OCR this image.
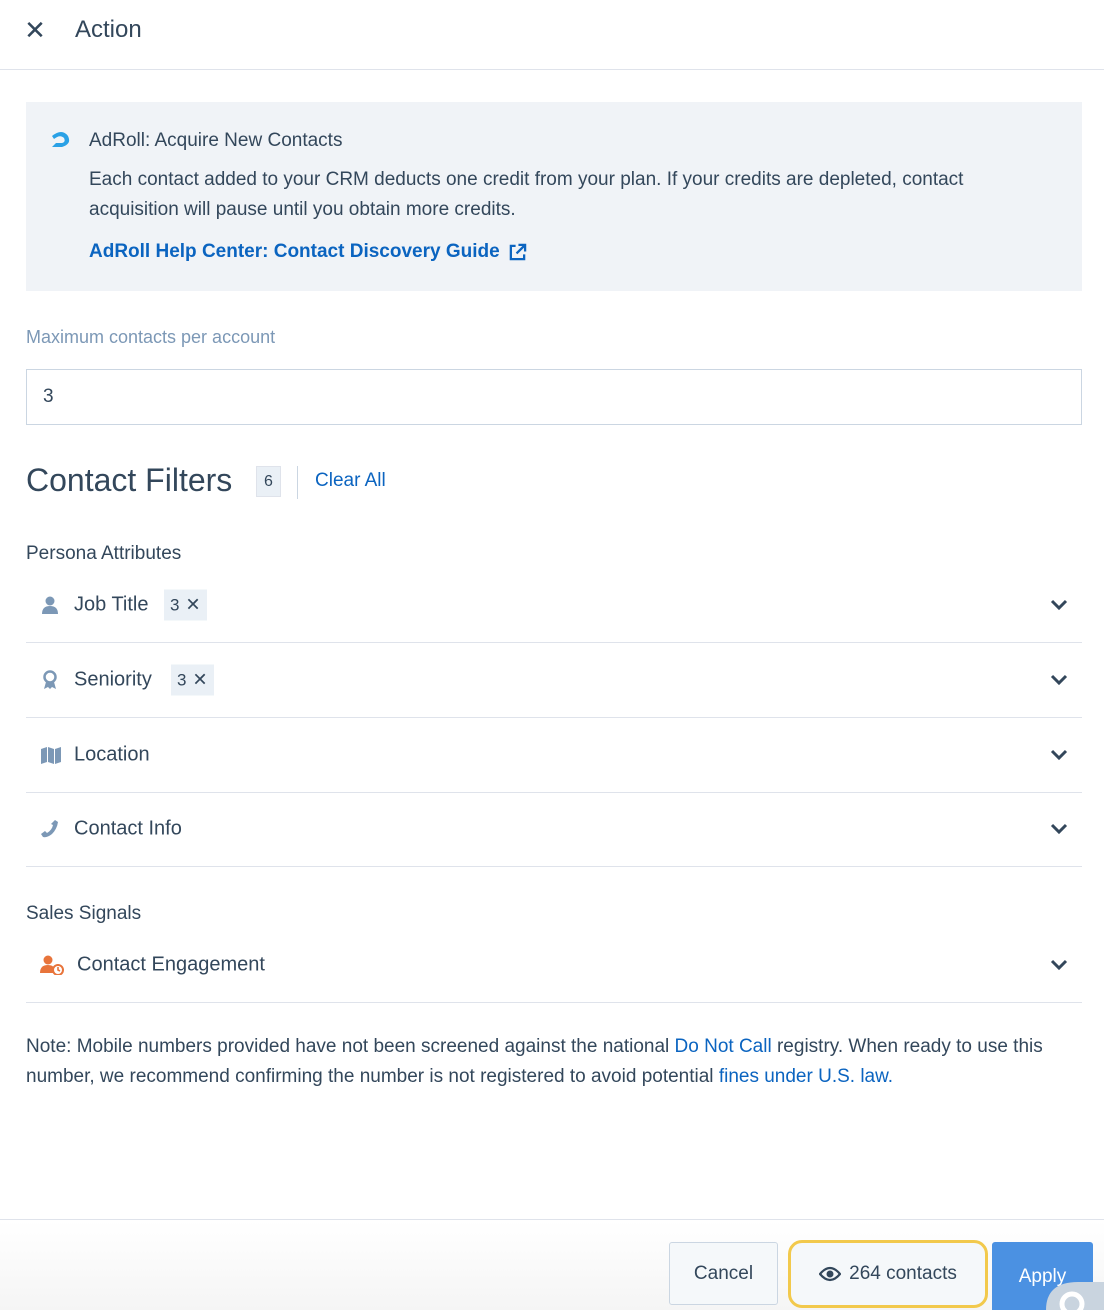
✕ Action
AdRoll: Acquire New Contacts
Each contact added to your CRM deducts one credit from your plan. If your credits are depleted, contact acquisition will pause until you obtain more credits.
AdRoll Help Center: Contact Discovery Guide
Maximum contacts per account
3
Contact Filters	6	Clear All
Persona Attributes
Job Title 3 ✕
Seniority 3 ✕
Location
Contact Info
Sales Signals
Contact Engagement
Note: Mobile numbers provided have not been screened against the national Do Not Call registry. When ready to use this number, we recommend confirming the number is not registered to avoid potential fines under U.S. law.
Cancel	264 contacts	Apply
